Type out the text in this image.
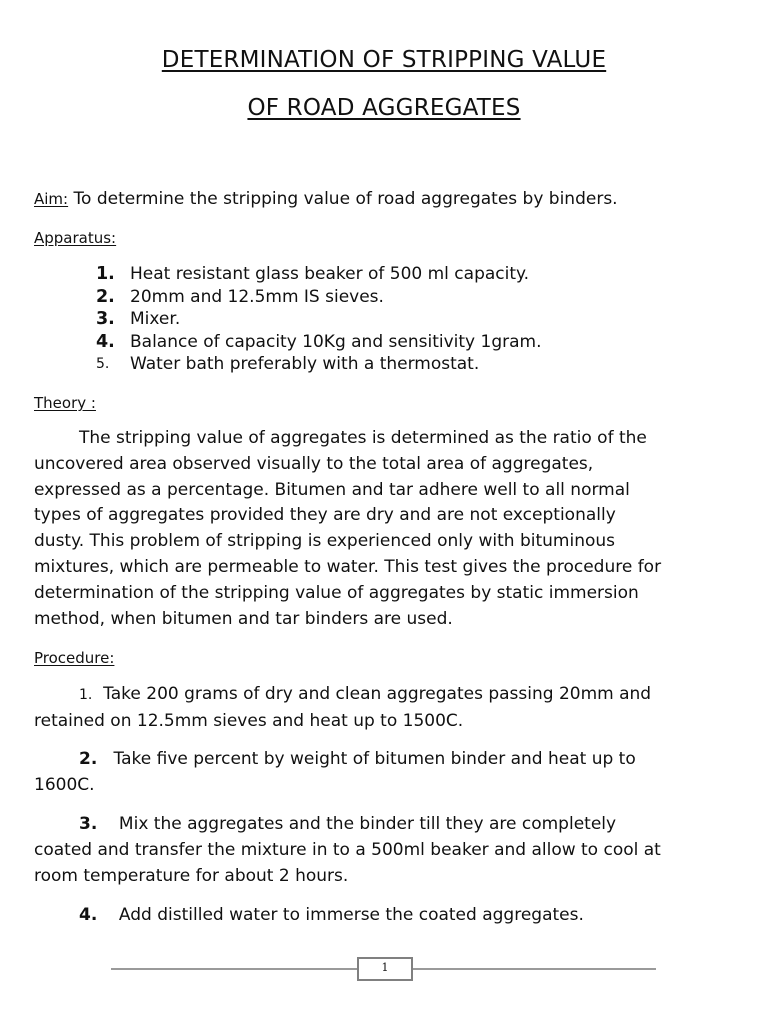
DETERMINATION OF STRIPPING VALUE
OF ROAD AGGREGATES
Aim: To determine the stripping value of road aggregates by binders.
Apparatus:
1. Heat resistant glass beaker of 500 ml capacity.
2. 20mm and 12.5mm IS sieves.
3. Mixer.
4. Balance of capacity 10Kg and sensitivity 1gram.
5.	Water bath preferably with a thermostat.
Theory :
The stripping value of aggregates is determined as the ratio of the
uncovered area observed visually to the total area of aggregates,
expressed as a percentage. Bitumen and tar adhere well to all normal
types of aggregates provided they are dry and are not exceptionally
dusty. This problem of stripping is experienced only with bituminous
mixtures, which are permeable to water. This test gives the procedure for
determination of the stripping value of aggregates by static immersion
method, when bitumen and tar binders are used.
Procedure:
1. Take 200 grams of dry and clean aggregates passing 20mm and
retained on 12.5mm sieves and heat up to 1500C.
2. Take five percent by weight of bitumen binder and heat up to
1600C.
3. Mix the aggregates and the binder till they are completely
coated and transfer the mixture in to a 500ml beaker and allow to cool at
room temperature for about 2 hours.
4. Add distilled water to immerse the coated aggregates.
1
